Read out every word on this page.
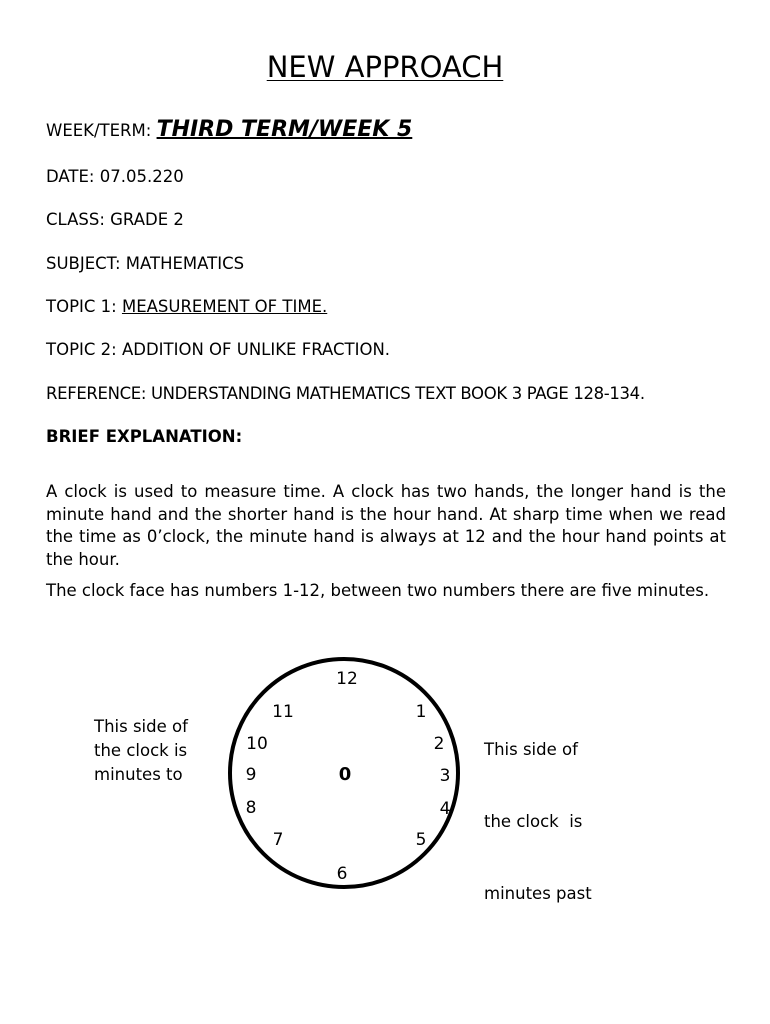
NEW APPROACH
WEEK/TERM: THIRD TERM/WEEK 5
DATE: 07.05.220
CLASS: GRADE 2
SUBJECT: MATHEMATICS
TOPIC 1: MEASUREMENT OF TIME.
TOPIC 2: ADDITION OF UNLIKE FRACTION.
REFERENCE: UNDERSTANDING MATHEMATICS TEXT BOOK 3 PAGE 128-134.
BRIEF EXPLANATION:
A clock is used to measure time. A clock has two hands, the longer hand is the minute hand and the shorter hand is the hour hand. At sharp time when we read the time as 0’clock, the minute hand is always at 12 and the hour hand points at the hour.
The clock face has numbers 1-12, between two numbers there are five minutes.
This side of
the clock is
minutes to

This side of

the clock  is

minutes past

12
1
2
3
4
5
6
7
8
9
10
11
0
